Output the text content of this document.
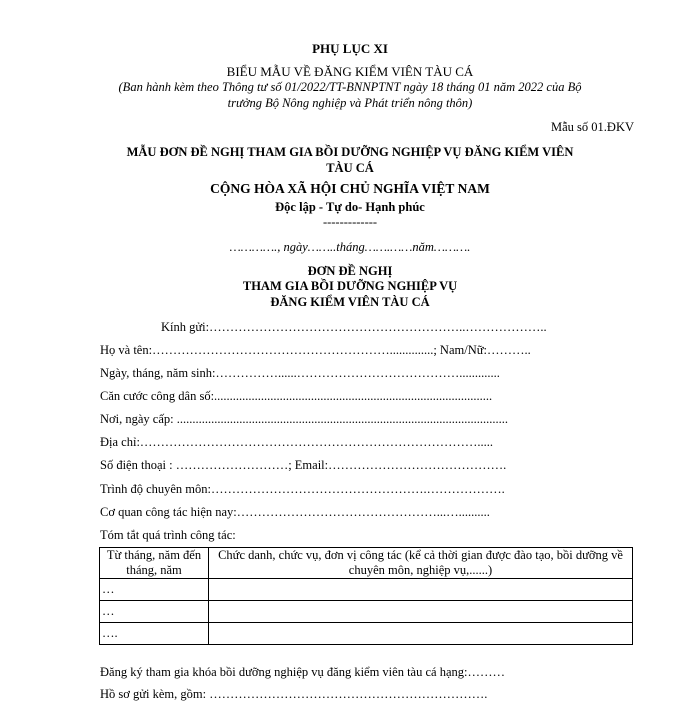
PHỤ LỤC XI
BIỂU MẪU VỀ ĐĂNG KIỂM VIÊN TÀU CÁ
(Ban hành kèm theo Thông tư số 01/2022/TT-BNNPTNT ngày 18 tháng 01 năm 2022 của Bộ
trưởng Bộ Nông nghiệp và Phát triển nông thôn)
Mẫu số 01.ĐKV
MẪU ĐƠN ĐỀ NGHỊ THAM GIA BỒI DƯỠNG NGHIỆP VỤ ĐĂNG KIỂM VIÊN
TÀU CÁ
CỘNG HÒA XÃ HỘI CHỦ NGHĨA VIỆT NAM
Độc lập - Tự do- Hạnh phúc
-------------
…………., ngày……..tháng…….……năm……….
ĐƠN ĐỀ NGHỊ
THAM GIA BỒI DƯỠNG NGHIỆP VỤ
ĐĂNG KIỂM VIÊN TÀU CÁ
Kính gửi:……………………………………………………..………………..
Họ và tên:…………………………………………………..............; Nam/Nữ:………..
Ngày, tháng, năm sinh:……………......………………………………….............
Căn cước công dân số:.........................................................................................
Nơi, ngày cấp: ..........................................................................................................
Địa chỉ:……………………………………………………………………….....
Số điện thoại : ………………………; Email:…………………………………….
Trình độ chuyên môn:…………………………………………….……………….
Cơ quan công tác hiện nay:…………………………………………...…..........
Tóm tắt quá trình công tác:
Từ tháng, năm đến tháng, năm	Chức danh, chức vụ, đơn vị công tác (kể cả thời gian được đào tạo, bồi dưỡng về chuyên môn, nghiệp vụ,......)
…	
…	
….	
Đăng ký tham gia khóa bồi dưỡng nghiệp vụ đăng kiểm viên tàu cá hạng:………
Hồ sơ gửi kèm, gồm: ………………………………………………………….
